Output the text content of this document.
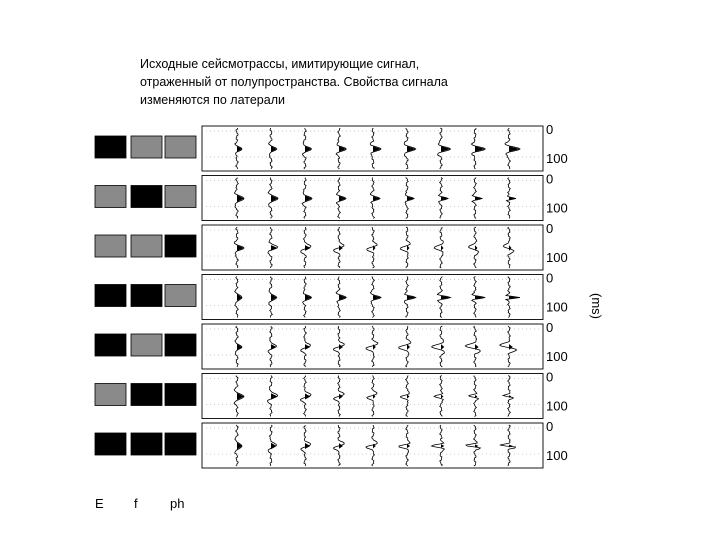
Исходные сейсмотрассы, имитирующие сигнал,
отраженный от полупространства. Свойства сигнала
изменяются по латерали
0
100
0
100
0
100
0
100
0
100
0
100
0
100
(ms)
E f ph
